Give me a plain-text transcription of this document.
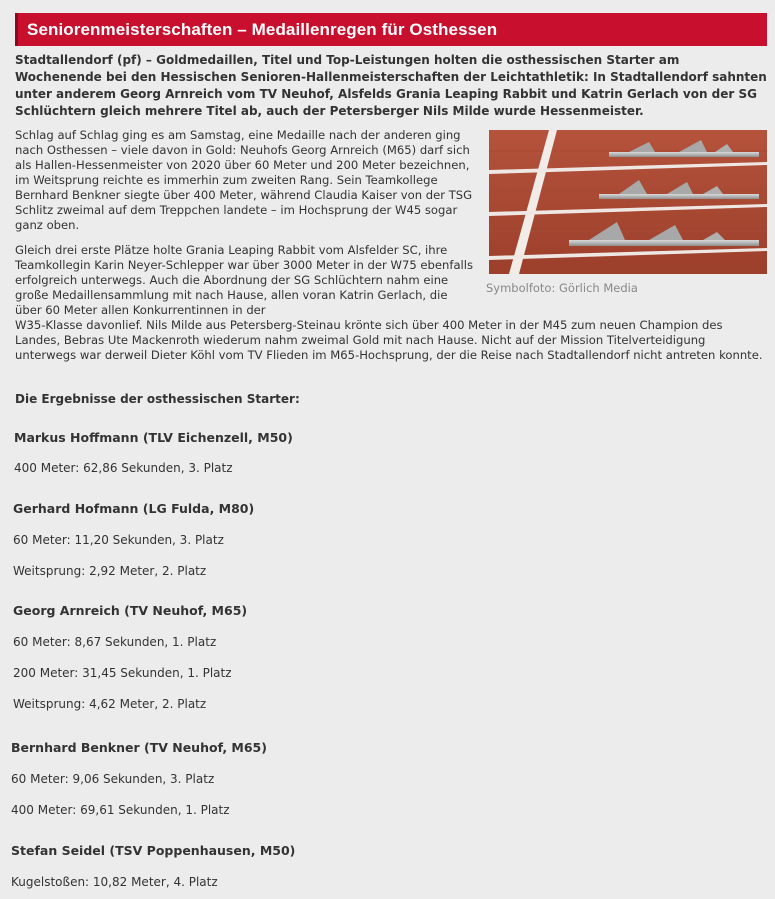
Seniorenmeisterschaften – Medaillenregen für Osthessen
Stadtallendorf (pf) – Goldmedaillen, Titel und Top-Leistungen holten die osthessischen Starter am Wochenende bei den Hessischen Senioren-Hallenmeisterschaften der Leichtathletik: In Stadtallendorf sahnten unter anderem Georg Arnreich vom TV Neuhof, Alsfelds Grania Leaping Rabbit und Katrin Gerlach von der SG Schlüchtern gleich mehrere Titel ab, auch der Petersberger Nils Milde wurde Hessenmeister.
Schlag auf Schlag ging es am Samstag, eine Medaille nach der anderen ging nach Osthessen – viele davon in Gold: Neuhofs Georg Arnreich (M65) darf sich als Hallen-Hessenmeister von 2020 über 60 Meter und 200 Meter bezeichnen, im Weitsprung reichte es immerhin zum zweiten Rang. Sein Teamkollege Bernhard Benkner siegte über 400 Meter, während Claudia Kaiser von der TSG Schlitz zweimal auf dem Treppchen landete – im Hochsprung der W45 sogar ganz oben.
Symbolfoto: Görlich Media
Gleich drei erste Plätze holte Grania Leaping Rabbit vom Alsfelder SC, ihre Teamkollegin Karin Neyer-Schlepper war über 3000 Meter in der W75 ebenfalls erfolgreich unterwegs. Auch die Abordnung der SG Schlüchtern nahm eine große Medaillensammlung mit nach Hause, allen voran Katrin Gerlach, die über 60 Meter allen Konkurrentinnen in der
W35-Klasse davonlief. Nils Milde aus Petersberg-Steinau krönte sich über 400 Meter in der M45 zum neuen Champion des Landes, Bebras Ute Mackenroth wiederum nahm zweimal Gold mit nach Hause. Nicht auf der Mission Titelverteidigung unterwegs war derweil Dieter Köhl vom TV Flieden im M65-Hochsprung, der die Reise nach Stadtallendorf nicht antreten konnte.
Die Ergebnisse der osthessischen Starter:
Markus Hoffmann (TLV Eichenzell, M50)
400 Meter: 62,86 Sekunden, 3. Platz
Gerhard Hofmann (LG Fulda, M80)
60 Meter: 11,20 Sekunden, 3. Platz
Weitsprung: 2,92 Meter, 2. Platz
Georg Arnreich (TV Neuhof, M65)
60 Meter: 8,67 Sekunden, 1. Platz
200 Meter: 31,45 Sekunden, 1. Platz
Weitsprung: 4,62 Meter, 2. Platz
Bernhard Benkner (TV Neuhof, M65)
60 Meter: 9,06 Sekunden, 3. Platz
400 Meter: 69,61 Sekunden, 1. Platz
Stefan Seidel (TSV Poppenhausen, M50)
Kugelstoßen: 10,82 Meter, 4. Platz
